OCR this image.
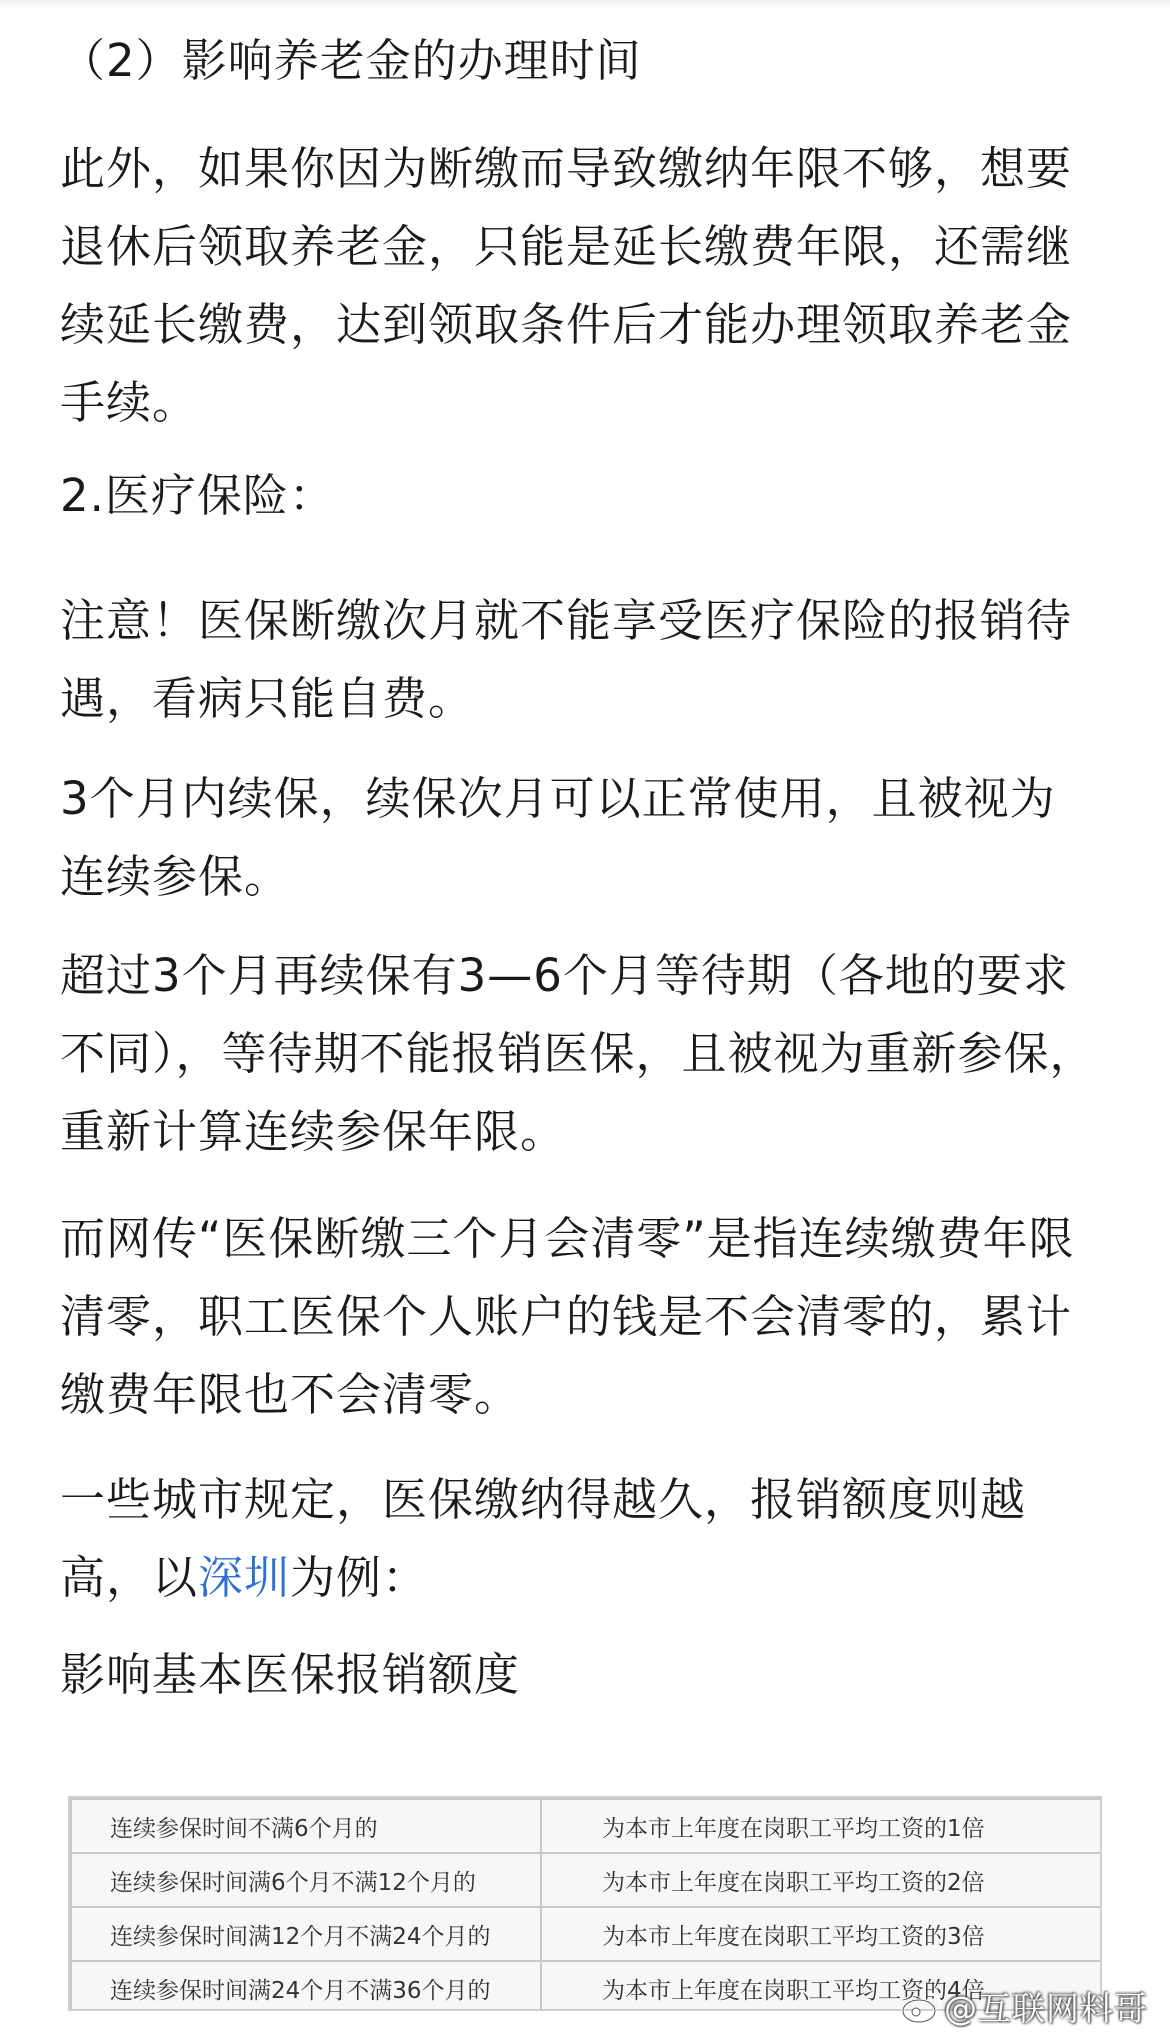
（2）影响养老金的办理时间

此外，如果你因为断缴而导致缴纳年限不够，想要退休后领取养老金，只能是延长缴费年限，还需继续延长缴费，达到领取条件后才能办理领取养老金手续。

2.医疗保险：

注意！医保断缴次月就不能享受医疗保险的报销待遇，看病只能自费。

3个月内续保，续保次月可以正常使用，且被视为连续参保。

超过3个月再续保有3—6个月等待期（各地的要求不同），等待期不能报销医保，且被视为重新参保，重新计算连续参保年限。

而网传“医保断缴三个月会清零”是指连续缴费年限清零，职工医保个人账户的钱是不会清零的，累计缴费年限也不会清零。

一些城市规定，医保缴纳得越久，报销额度则越高，以深圳为例：

影响基本医保报销额度

连续参保时间不满6个月的	为本市上年度在岗职工平均工资的1倍
连续参保时间满6个月不满12个月的	为本市上年度在岗职工平均工资的2倍
连续参保时间满12个月不满24个月的	为本市上年度在岗职工平均工资的3倍
连续参保时间满24个月不满36个月的	为本市上年度在岗职工平均工资的4倍
@互联网料哥
